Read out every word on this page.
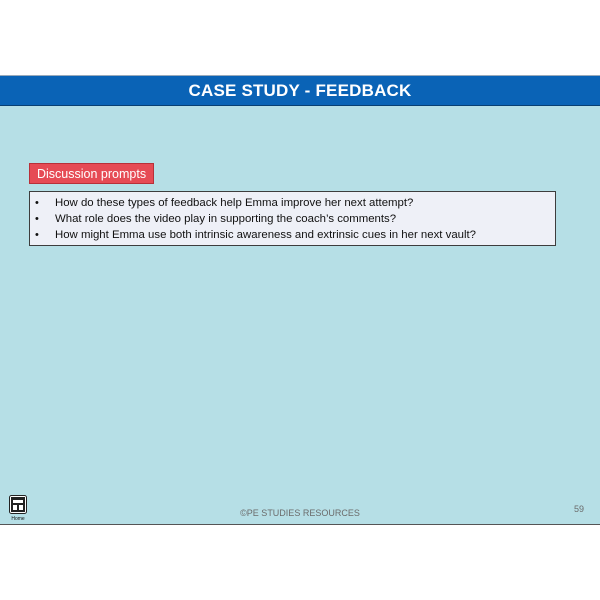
CASE STUDY - FEEDBACK
Discussion prompts
• How do these types of feedback help Emma improve her next attempt?
• What role does the video play in supporting the coach’s comments?
• How might Emma use both intrinsic awareness and extrinsic cues in her next vault?
Home
©PE STUDIES RESOURCES	59
